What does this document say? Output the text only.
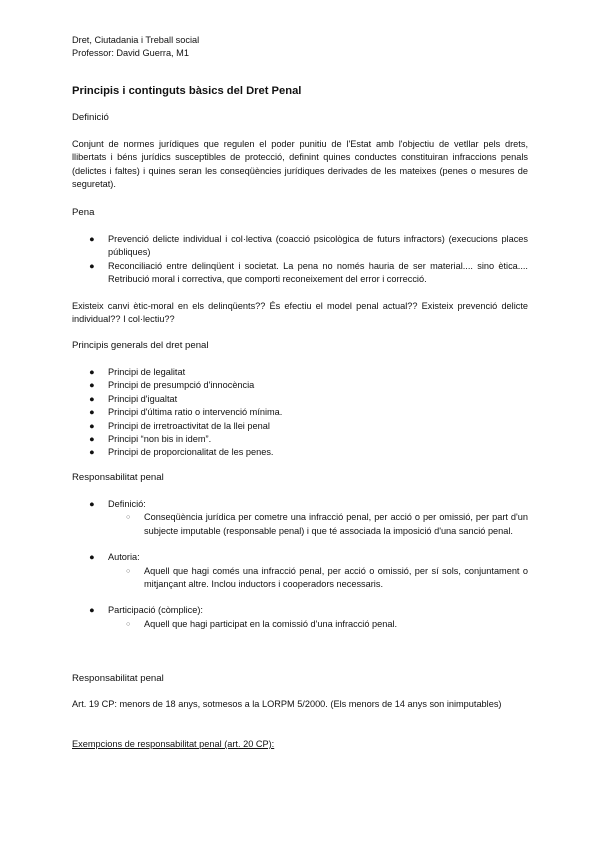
Dret, Ciutadania i Treball social
Professor: David Guerra, M1
Principis i continguts bàsics del Dret Penal
Definició
Conjunt de normes jurídiques que regulen el poder punitiu de l'Estat amb l'objectiu de vetllar pels drets, llibertats i béns jurídics susceptibles de protecció, definint quines conductes constituiran infraccions penals (delictes i faltes) i quines seran les conseqüències jurídiques derivades de les mateixes (penes o mesures de seguretat).
Pena
● Prevenció delicte individual i col·lectiva (coacció psicològica de futurs infractors) (execucions places públiques)
● Reconciliació entre delinqüent i societat. La pena no només hauria de ser material.... sino ètica.... Retribució moral i correctiva, que comporti reconeixement del error i correcció.
Existeix canvi ètic-moral en els delinqüents?? És efectiu el model penal actual?? Existeix prevenció delicte individual?? I col·lectiu??
Principis generals del dret penal
● Principi de legalitat
● Principi de presumpció d'innocència
● Principi d'igualtat
● Principi d'última ratio o intervenció mínima.
● Principi de irretroactivitat de la llei penal
● Principi “non bis in idem”.
● Principi de proporcionalitat de les penes.
Responsabilitat penal
● Definició:
○ Conseqüència jurídica per cometre una infracció penal, per acció o per omissió, per part d'un subjecte imputable (responsable penal) i que té associada la imposició d'una sanció penal.
● Autoria:
○ Aquell que hagi comés una infracció penal, per acció o omissió, per sí sols, conjuntament o mitjançant altre. Inclou inductors i cooperadors necessaris.
● Participació (còmplice):
○ Aquell que hagi participat en la comissió d'una infracció penal.
Responsabilitat penal
Art. 19 CP: menors de 18 anys, sotmesos a la LORPM 5/2000. (Els menors de 14 anys son inimputables)
Exempcions de responsabilitat penal (art. 20 CP):
